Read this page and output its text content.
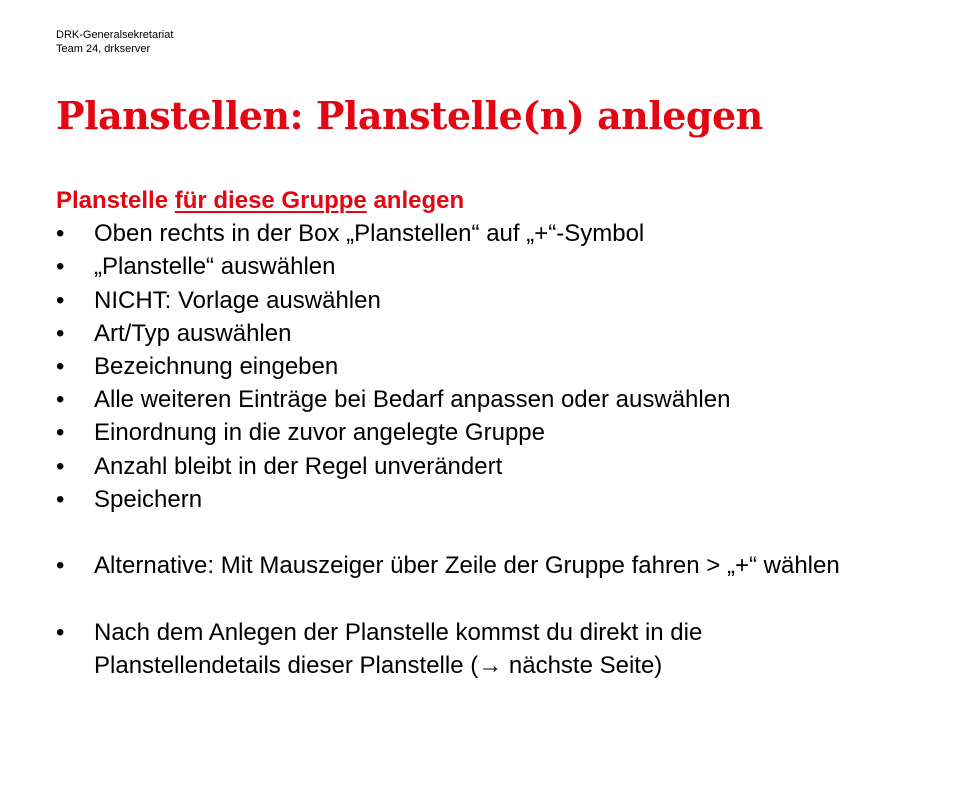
DRK-Generalsekretariat
Team 24, drkserver
Planstellen: Planstelle(n) anlegen

Planstelle für diese Gruppe anlegen

•	Oben rechts in der Box „Planstellen“ auf „+“-Symbol
•	„Planstelle“ auswählen
•	NICHT: Vorlage auswählen
•	Art/Typ auswählen
•	Bezeichnung eingeben
•	Alle weiteren Einträge bei Bedarf anpassen oder auswählen
•	Einordnung in die zuvor angelegte Gruppe
•	Anzahl bleibt in der Regel unverändert
•	Speichern
•	Alternative: Mit Mauszeiger über Zeile der Gruppe fahren > „+“ wählen
•	Nach dem Anlegen der Planstelle kommst du direkt in die
Planstellendetails dieser Planstelle (→ nächste Seite)
